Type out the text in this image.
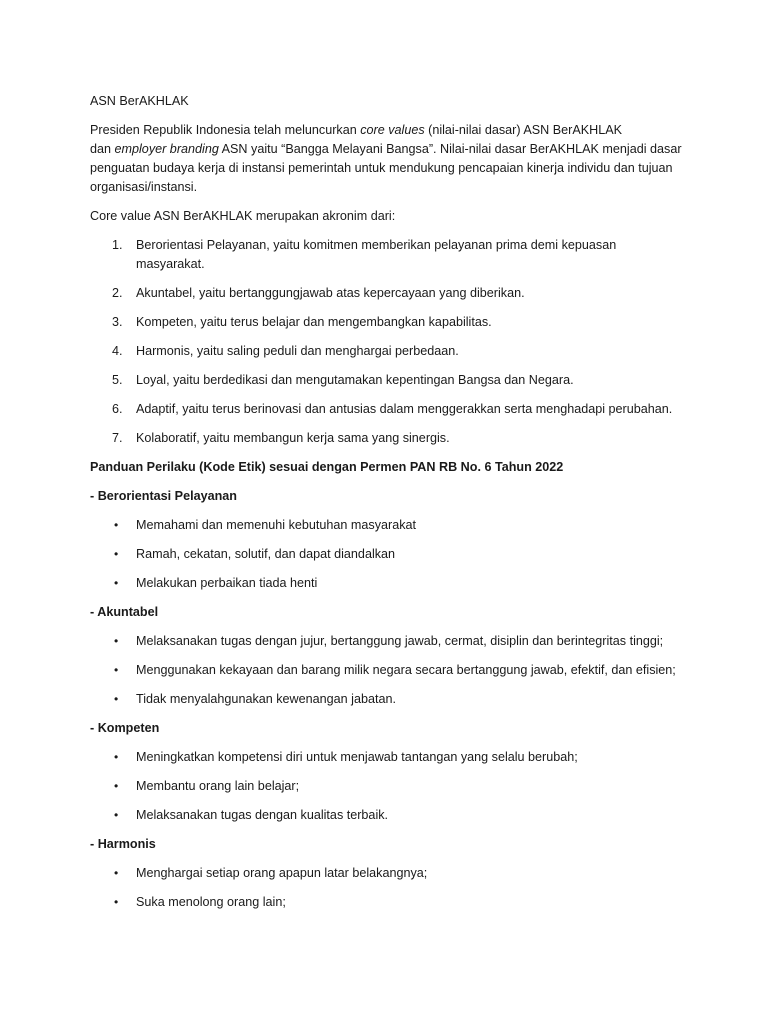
ASN BerAKHLAK

Presiden Republik Indonesia telah meluncurkan core values (nilai-nilai dasar) ASN BerAKHLAK
dan employer branding ASN yaitu “Bangga Melayani Bangsa”. Nilai-nilai dasar BerAKHLAK menjadi dasar penguatan budaya kerja di instansi pemerintah untuk mendukung pencapaian kinerja individu dan tujuan organisasi/instansi.

Core value ASN BerAKHLAK merupakan akronim dari:

1. Berorientasi Pelayanan, yaitu komitmen memberikan pelayanan prima demi kepuasan masyarakat.
2. Akuntabel, yaitu bertanggungjawab atas kepercayaan yang diberikan.
3. Kompeten, yaitu terus belajar dan mengembangkan kapabilitas.
4. Harmonis, yaitu saling peduli dan menghargai perbedaan.
5. Loyal, yaitu berdedikasi dan mengutamakan kepentingan Bangsa dan Negara.
6. Adaptif, yaitu terus berinovasi dan antusias dalam menggerakkan serta menghadapi perubahan.
7. Kolaboratif, yaitu membangun kerja sama yang sinergis.

Panduan Perilaku (Kode Etik) sesuai dengan Permen PAN RB No. 6 Tahun 2022

- Berorientasi Pelayanan

• Memahami dan memenuhi kebutuhan masyarakat
• Ramah, cekatan, solutif, dan dapat diandalkan
• Melakukan perbaikan tiada henti

- Akuntabel

• Melaksanakan tugas dengan jujur, bertanggung jawab, cermat, disiplin dan berintegritas tinggi;
• Menggunakan kekayaan dan barang milik negara secara bertanggung jawab, efektif, dan efisien;
• Tidak menyalahgunakan kewenangan jabatan.

- Kompeten

• Meningkatkan kompetensi diri untuk menjawab tantangan yang selalu berubah;
• Membantu orang lain belajar;
• Melaksanakan tugas dengan kualitas terbaik.

- Harmonis

• Menghargai setiap orang apapun latar belakangnya;
• Suka menolong orang lain;
